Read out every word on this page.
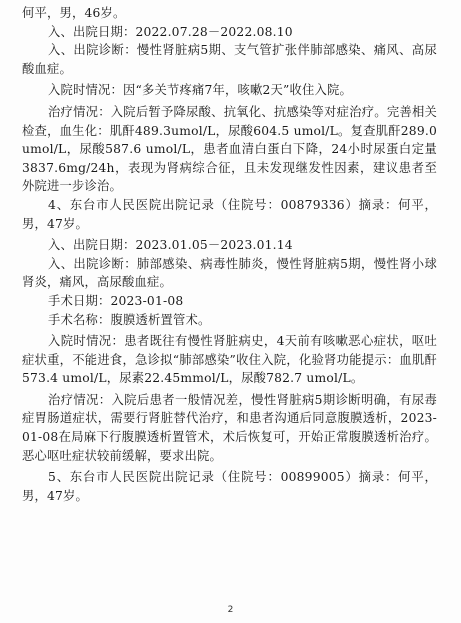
何平，男，46岁。

入、出院日期：2022.07.28－2022.08.10

入、出院诊断：慢性肾脏病5期、支气管扩张伴肺部感染、痛风、高尿酸血症。

入院时情况：因“多关节疼痛7年，咳嗽2天”收住入院。

治疗情况：入院后暂予降尿酸、抗氧化、抗感染等对症治疗。完善相关检查，血生化：肌酐489.3umol/L，尿酸604.5 umol/L。复查肌酐289.0 umol/L，尿酸587.6 umol/L，患者血清白蛋白下降，24小时尿蛋白定量3837.6mg/24h，表现为肾病综合征，且未发现继发性因素，建议患者至外院进一步诊治。

4、东台市人民医院出院记录（住院号：00879336）摘录：何平，男，47岁。

入、出院日期：2023.01.05－2023.01.14

入、出院诊断：肺部感染、病毒性肺炎，慢性肾脏病5期，慢性肾小球肾炎，痛风，高尿酸血症。

手术日期：2023-01-08

手术名称：腹膜透析置管术。

入院时情况：患者既往有慢性肾脏病史，4天前有咳嗽恶心症状，呕吐症状重，不能进食，急诊拟“肺部感染”收住入院，化验肾功能提示：血肌酐573.4 umol/L，尿素22.45mmol/L，尿酸782.7 umol/L。

治疗情况：入院后患者一般情况差，慢性肾脏病5期诊断明确，有尿毒症胃肠道症状，需要行肾脏替代治疗，和患者沟通后同意腹膜透析，2023-01-08在局麻下行腹膜透析置管术，术后恢复可，开始正常腹膜透析治疗。恶心呕吐症状较前缓解，要求出院。

5、东台市人民医院出院记录（住院号：00899005）摘录：何平，男，47岁。

2
